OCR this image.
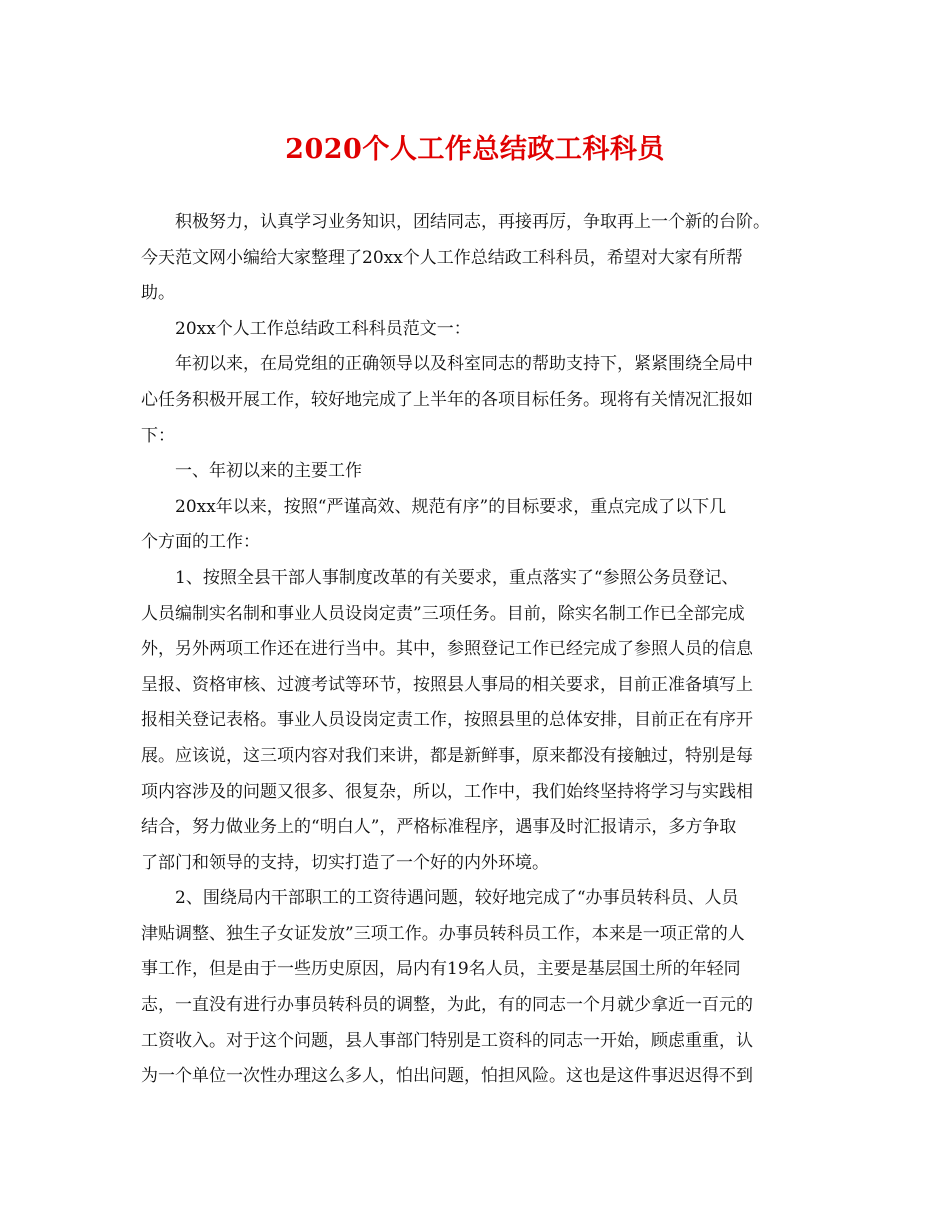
2020个人工作总结政工科科员
积极努力，认真学习业务知识，团结同志，再接再厉，争取再上一个新的台阶。
今天范文网小编给大家整理了20xx个人工作总结政工科科员，希望对大家有所帮
助。
20xx个人工作总结政工科科员范文一：
年初以来，在局党组的正确领导以及科室同志的帮助支持下，紧紧围绕全局中
心任务积极开展工作，较好地完成了上半年的各项目标任务。现将有关情况汇报如
下：
一、年初以来的主要工作
20xx年以来，按照“严谨高效、规范有序”的目标要求，重点完成了以下几
个方面的工作：
1、按照全县干部人事制度改革的有关要求，重点落实了“参照公务员登记、
人员编制实名制和事业人员设岗定责”三项任务。目前，除实名制工作已全部完成
外，另外两项工作还在进行当中。其中，参照登记工作已经完成了参照人员的信息
呈报、资格审核、过渡考试等环节，按照县人事局的相关要求，目前正准备填写上
报相关登记表格。事业人员设岗定责工作，按照县里的总体安排，目前正在有序开
展。应该说，这三项内容对我们来讲，都是新鲜事，原来都没有接触过，特别是每
项内容涉及的问题又很多、很复杂，所以，工作中，我们始终坚持将学习与实践相
结合，努力做业务上的“明白人”，严格标准程序，遇事及时汇报请示，多方争取
了部门和领导的支持，切实打造了一个好的内外环境。
2、围绕局内干部职工的工资待遇问题，较好地完成了“办事员转科员、人员
津贴调整、独生子女证发放”三项工作。办事员转科员工作，本来是一项正常的人
事工作，但是由于一些历史原因，局内有19名人员，主要是基层国土所的年轻同
志，一直没有进行办事员转科员的调整，为此，有的同志一个月就少拿近一百元的
工资收入。对于这个问题，县人事部门特别是工资科的同志一开始，顾虑重重，认
为一个单位一次性办理这么多人，怕出问题，怕担风险。这也是这件事迟迟得不到
